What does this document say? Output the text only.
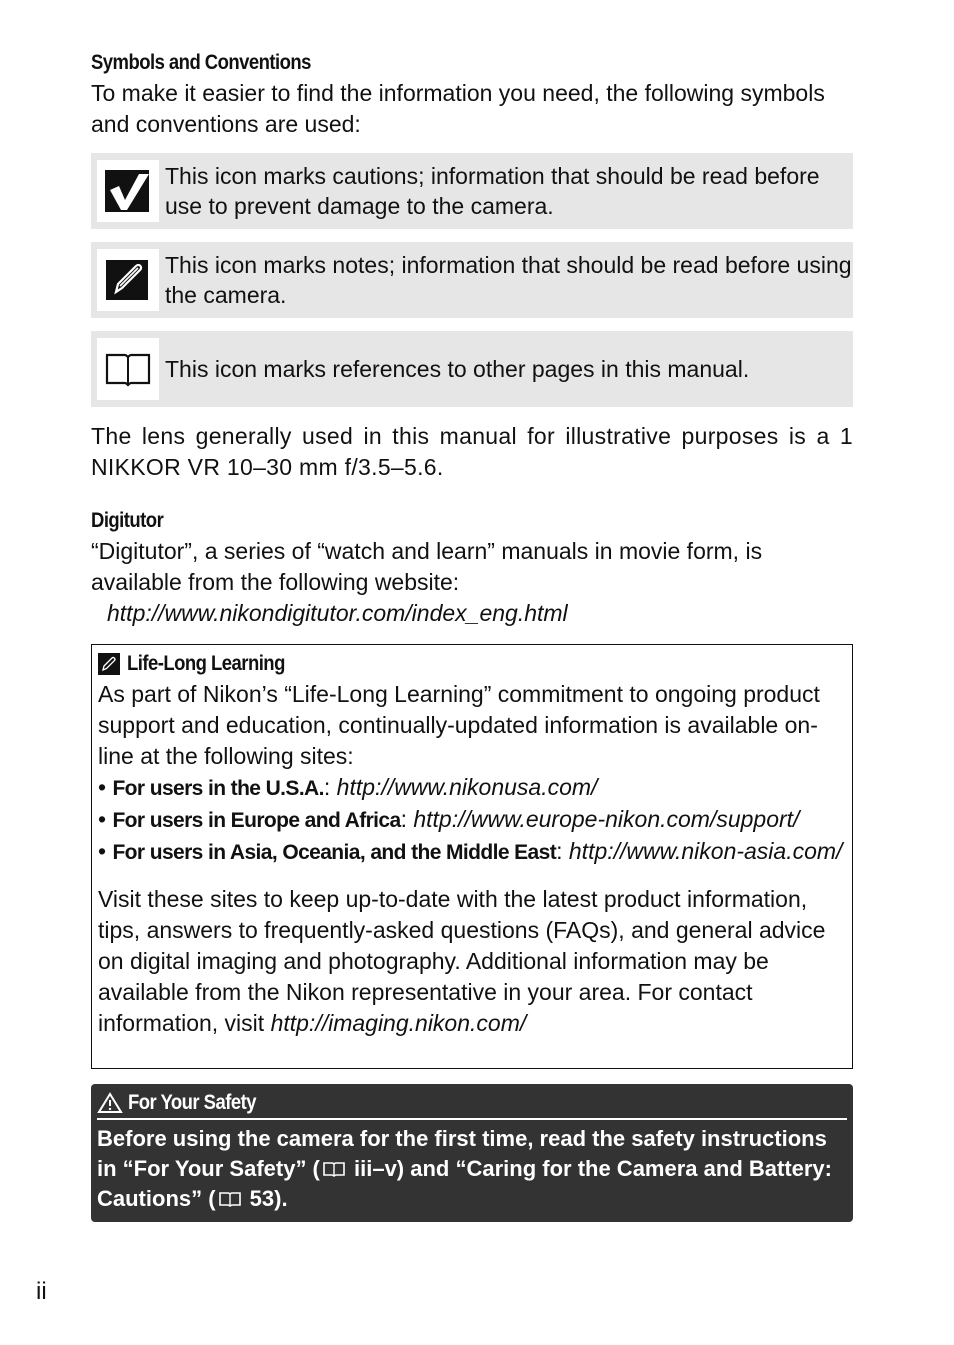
Symbols and Conventions

To make it easier to find the information you need, the following symbols and conventions are used:

This icon marks cautions; information that should be read before use to prevent damage to the camera.
This icon marks notes; information that should be read before using the camera.
This icon marks references to other pages in this manual.

The lens generally used in this manual for illustrative purposes is a 1 NIKKOR VR 10–30 mm f/3.5–5.6.

Digitutor

“Digitutor”, a series of “watch and learn” manuals in movie form, is available from the following website:

http://www.nikondigitutor.com/index_eng.html
Life-Long Learning

As part of Nikon’s “Life-Long Learning” commitment to ongoing product support and education, continually-updated information is available on-line at the following sites:

• For users in the U.S.A.: http://www.nikonusa.com/
• For users in Europe and Africa: http://www.europe-nikon.com/support/
• For users in Asia, Oceania, and the Middle East: http://www.nikon-asia.com/

Visit these sites to keep up-to-date with the latest product information, tips, answers to frequently-asked questions (FAQs), and general advice on digital imaging and photography. Additional information may be available from the Nikon representative in your area. For contact information, visit http://imaging.nikon.com/

For Your Safety
Before using the camera for the first time, read the safety instructions in “For Your Safety” ( iii–v) and “Caring for the Camera and Battery: Cautions” ( 53).
ii
